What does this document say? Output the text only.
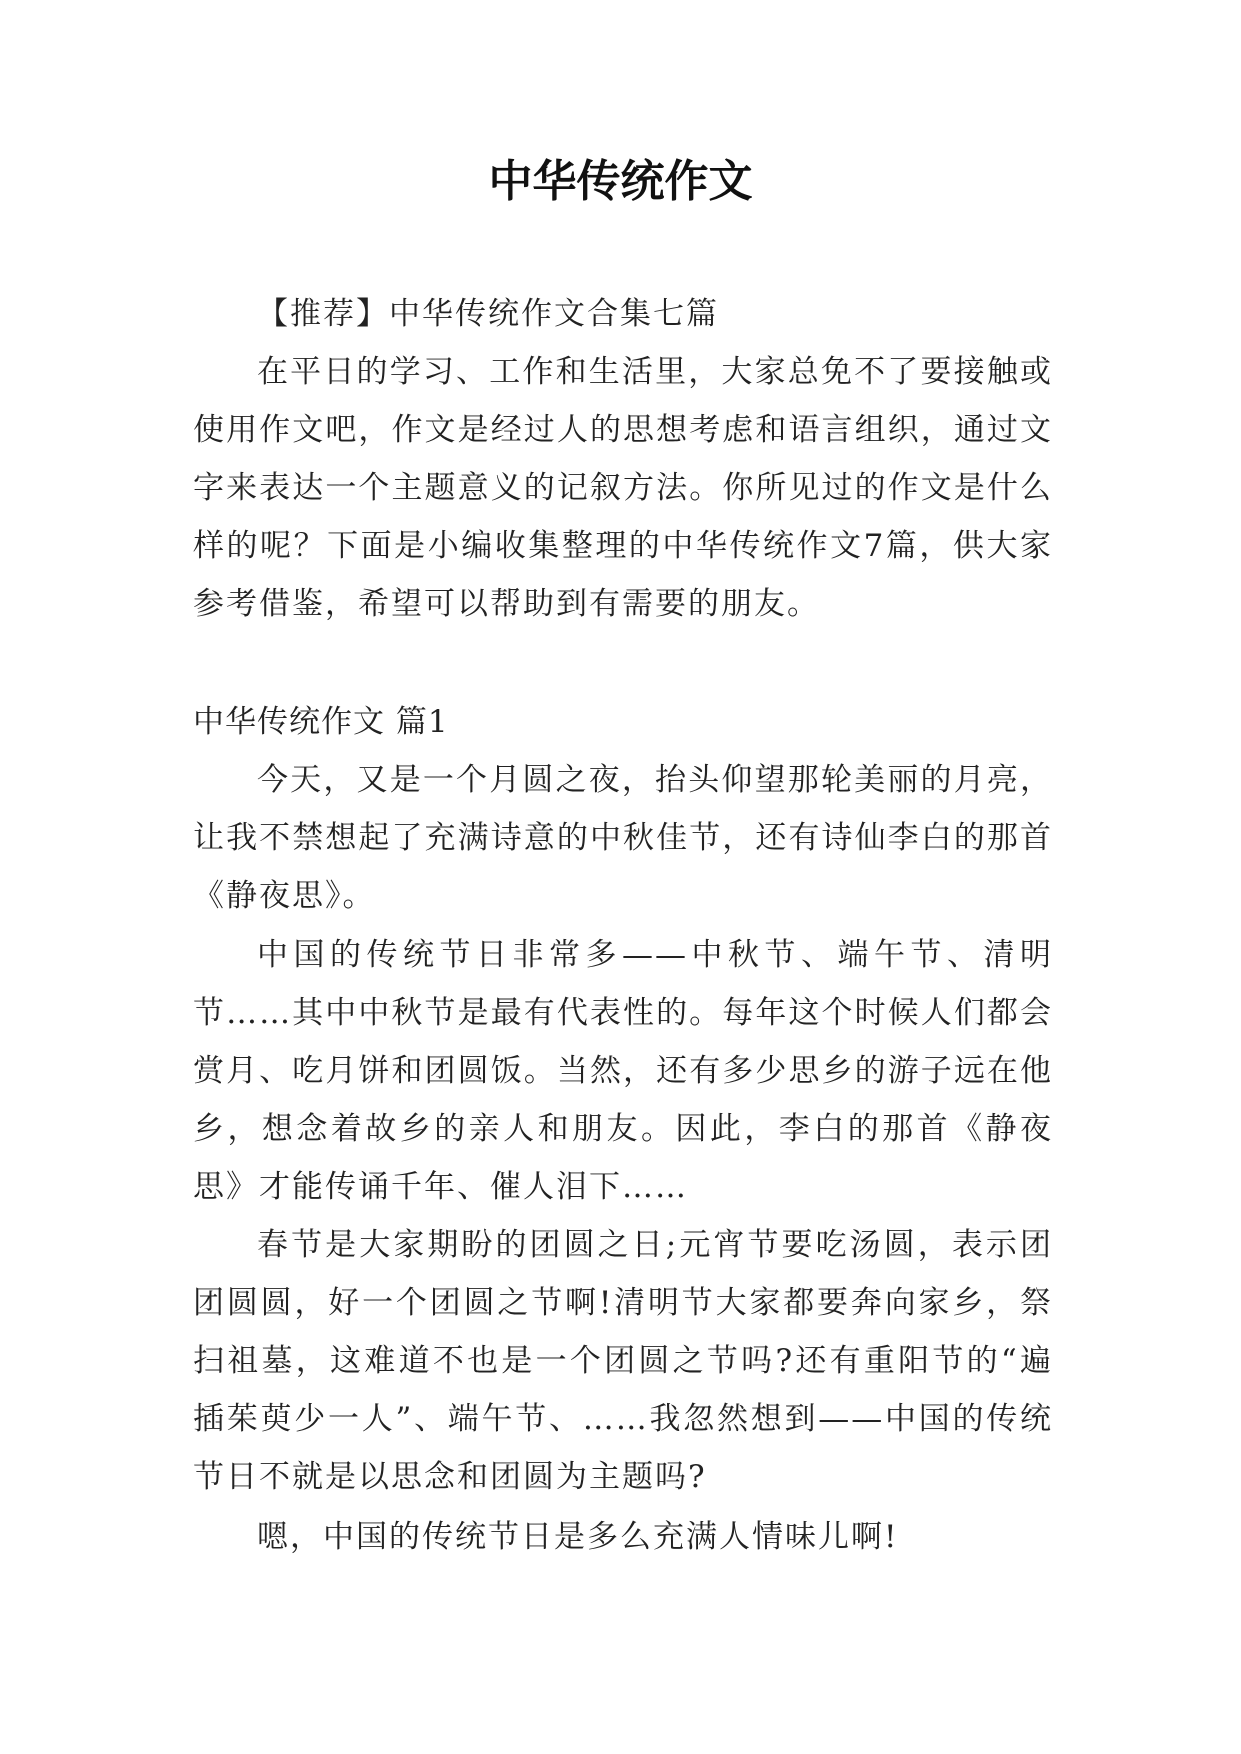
中华传统作文

【推荐】中华传统作文合集七篇

在平日的学习、工作和生活里，大家总免不了要接触或使用作文吧，作文是经过人的思想考虑和语言组织，通过文字来表达一个主题意义的记叙方法。你所见过的作文是什么样的呢？下面是小编收集整理的中华传统作文7篇，供大家参考借鉴，希望可以帮助到有需要的朋友。

中华传统作文 篇1

今天，又是一个月圆之夜，抬头仰望那轮美丽的月亮，让我不禁想起了充满诗意的中秋佳节，还有诗仙李白的那首《静夜思》。

中国的传统节日非常多——中秋节、端午节、清明节……其中中秋节是最有代表性的。每年这个时候人们都会赏月、吃月饼和团圆饭。当然，还有多少思乡的游子远在他乡，想念着故乡的亲人和朋友。因此，李白的那首《静夜思》才能传诵千年、催人泪下……

春节是大家期盼的团圆之日;元宵节要吃汤圆，表示团团圆圆，好一个团圆之节啊!清明节大家都要奔向家乡，祭扫祖墓，这难道不也是一个团圆之节吗?还有重阳节的“遍插茱萸少一人”、端午节、……我忽然想到——中国的传统节日不就是以思念和团圆为主题吗?

嗯，中国的传统节日是多么充满人情味儿啊!
